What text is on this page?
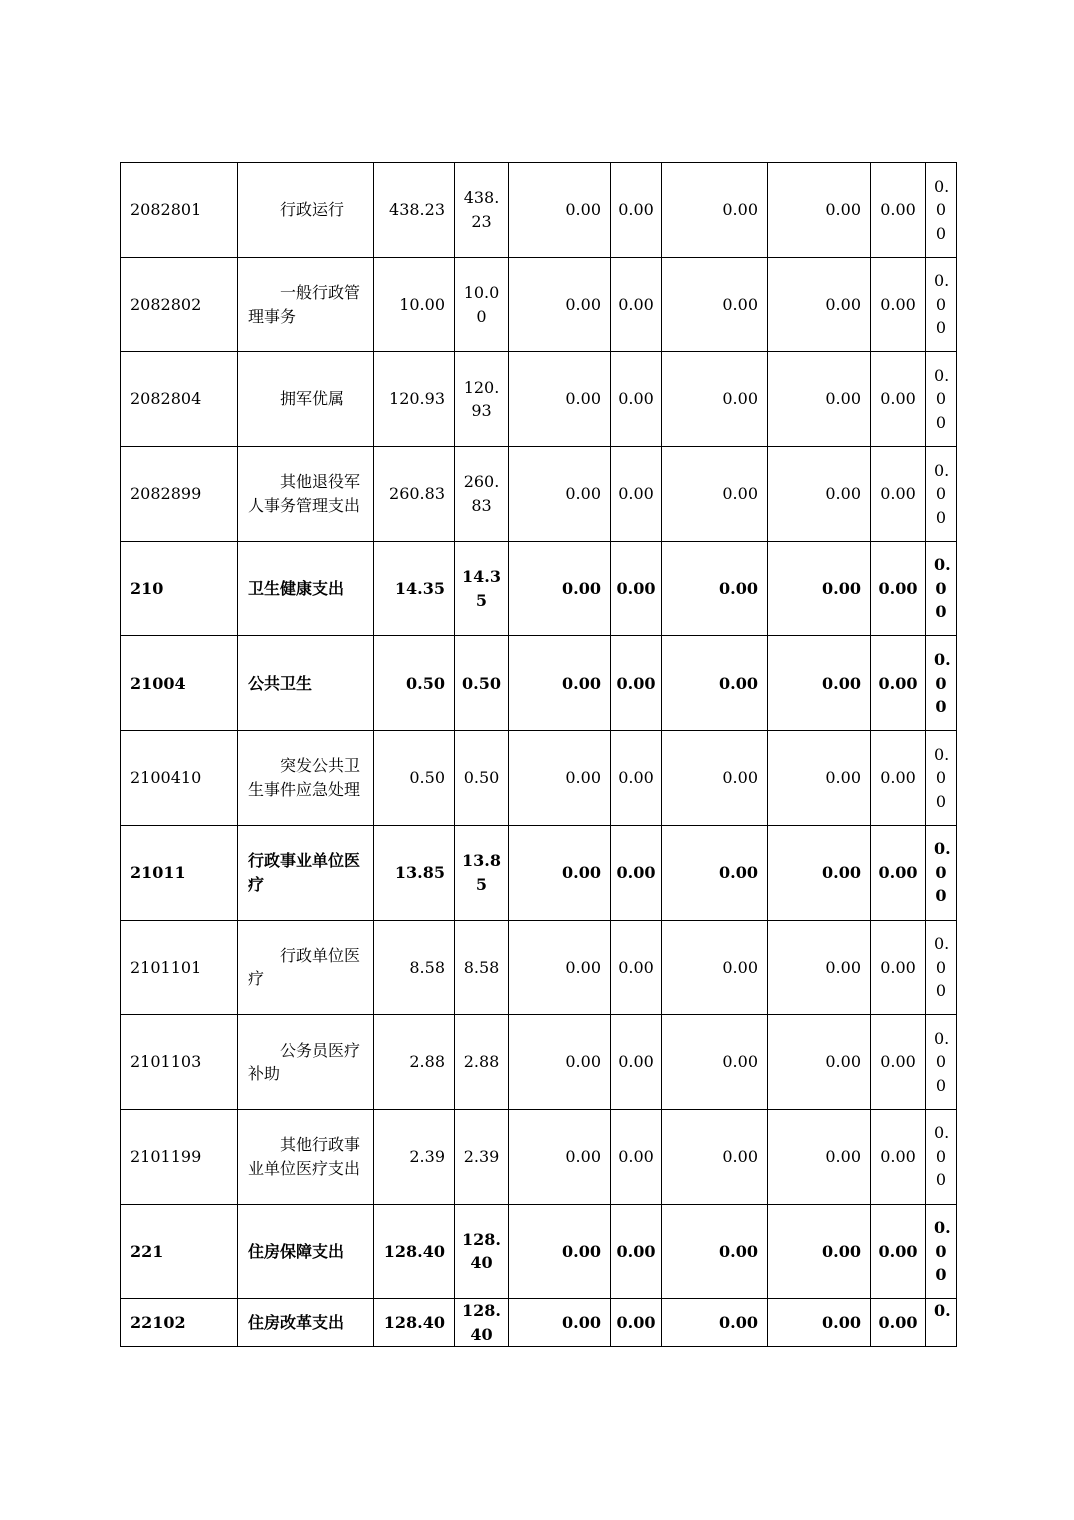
2082801	行政运行	438.23	438.23	0.00	0.00	0.00	0.00	0.00	0.00

2082802	一般行政管理事务	10.00	10.00	0.00	0.00	0.00	0.00	0.00	0.00

2082804	拥军优属	120.93	120.93	0.00	0.00	0.00	0.00	0.00	0.00

2082899	其他退役军人事务管理支出	260.83	260.83	0.00	0.00	0.00	0.00	0.00	0.00

210	卫生健康支出	14.35	14.35	0.00	0.00	0.00	0.00	0.00	0.00

21004	公共卫生	0.50	0.50	0.00	0.00	0.00	0.00	0.00	0.00

2100410	突发公共卫生事件应急处理	0.50	0.50	0.00	0.00	0.00	0.00	0.00	0.00

21011	行政事业单位医疗	13.85	13.85	0.00	0.00	0.00	0.00	0.00	0.00

2101101	行政单位医疗	8.58	8.58	0.00	0.00	0.00	0.00	0.00	0.00

2101103	公务员医疗补助	2.88	2.88	0.00	0.00	0.00	0.00	0.00	0.00

2101199	其他行政事业单位医疗支出	2.39	2.39	0.00	0.00	0.00	0.00	0.00	0.00

221	住房保障支出	128.40	128.40	0.00	0.00	0.00	0.00	0.00	0.00

22102	住房改革支出	128.40	128.40	0.00	0.00	0.00	0.00	0.00	0.
